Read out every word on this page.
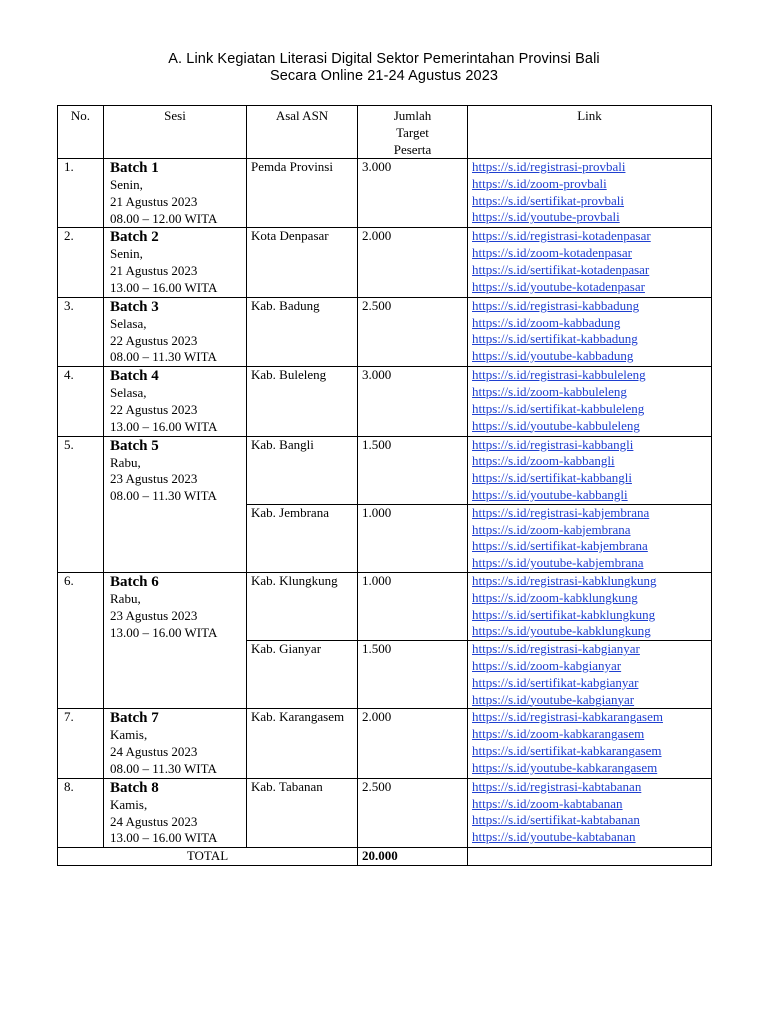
A. Link Kegiatan Literasi Digital Sektor Pemerintahan Provinsi Bali
Secara Online 21-24 Agustus 2023
No.	Sesi	Asal ASN	Jumlah
Target
Peserta	Link
1.	Batch 1
Senin,
21 Agustus 2023
08.00 – 12.00 WITA	Pemda Provinsi	3.000	https://s.id/registrasi-provbali
https://s.id/zoom-provbali
https://s.id/sertifikat-provbali
https://s.id/youtube-provbali

2.	Batch 2
Senin,
21 Agustus 2023
13.00 – 16.00 WITA	Kota Denpasar	2.000	https://s.id/registrasi-kotadenpasar
https://s.id/zoom-kotadenpasar
https://s.id/sertifikat-kotadenpasar
https://s.id/youtube-kotadenpasar

3.	Batch 3
Selasa,
22 Agustus 2023
08.00 – 11.30 WITA	Kab. Badung	2.500	https://s.id/registrasi-kabbadung
https://s.id/zoom-kabbadung
https://s.id/sertifikat-kabbadung
https://s.id/youtube-kabbadung

4.	Batch 4
Selasa,
22 Agustus 2023
13.00 – 16.00 WITA	Kab. Buleleng	3.000	https://s.id/registrasi-kabbuleleng
https://s.id/zoom-kabbuleleng
https://s.id/sertifikat-kabbuleleng
https://s.id/youtube-kabbuleleng

5.	Batch 5
Rabu,
23 Agustus 2023
08.00 – 11.30 WITA	Kab. Bangli	1.500	https://s.id/registrasi-kabbangli
https://s.id/zoom-kabbangli
https://s.id/sertifikat-kabbangli
https://s.id/youtube-kabbangli

		Kab. Jembrana	1.000	https://s.id/registrasi-kabjembrana
https://s.id/zoom-kabjembrana
https://s.id/sertifikat-kabjembrana
https://s.id/youtube-kabjembrana

6.	Batch 6
Rabu,
23 Agustus 2023
13.00 – 16.00 WITA	Kab. Klungkung	1.000	https://s.id/registrasi-kabklungkung
https://s.id/zoom-kabklungkung
https://s.id/sertifikat-kabklungkung
https://s.id/youtube-kabklungkung

		Kab. Gianyar	1.500	https://s.id/registrasi-kabgianyar
https://s.id/zoom-kabgianyar
https://s.id/sertifikat-kabgianyar
https://s.id/youtube-kabgianyar

7.	Batch 7
Kamis,
24 Agustus 2023
08.00 – 11.30 WITA	Kab. Karangasem	2.000	https://s.id/registrasi-kabkarangasem
https://s.id/zoom-kabkarangasem
https://s.id/sertifikat-kabkarangasem
https://s.id/youtube-kabkarangasem

8.	Batch 8
Kamis,
24 Agustus 2023
13.00 – 16.00 WITA	Kab. Tabanan	2.500	https://s.id/registrasi-kabtabanan
https://s.id/zoom-kabtabanan
https://s.id/sertifikat-kabtabanan
https://s.id/youtube-kabtabanan

TOTAL			20.000	
